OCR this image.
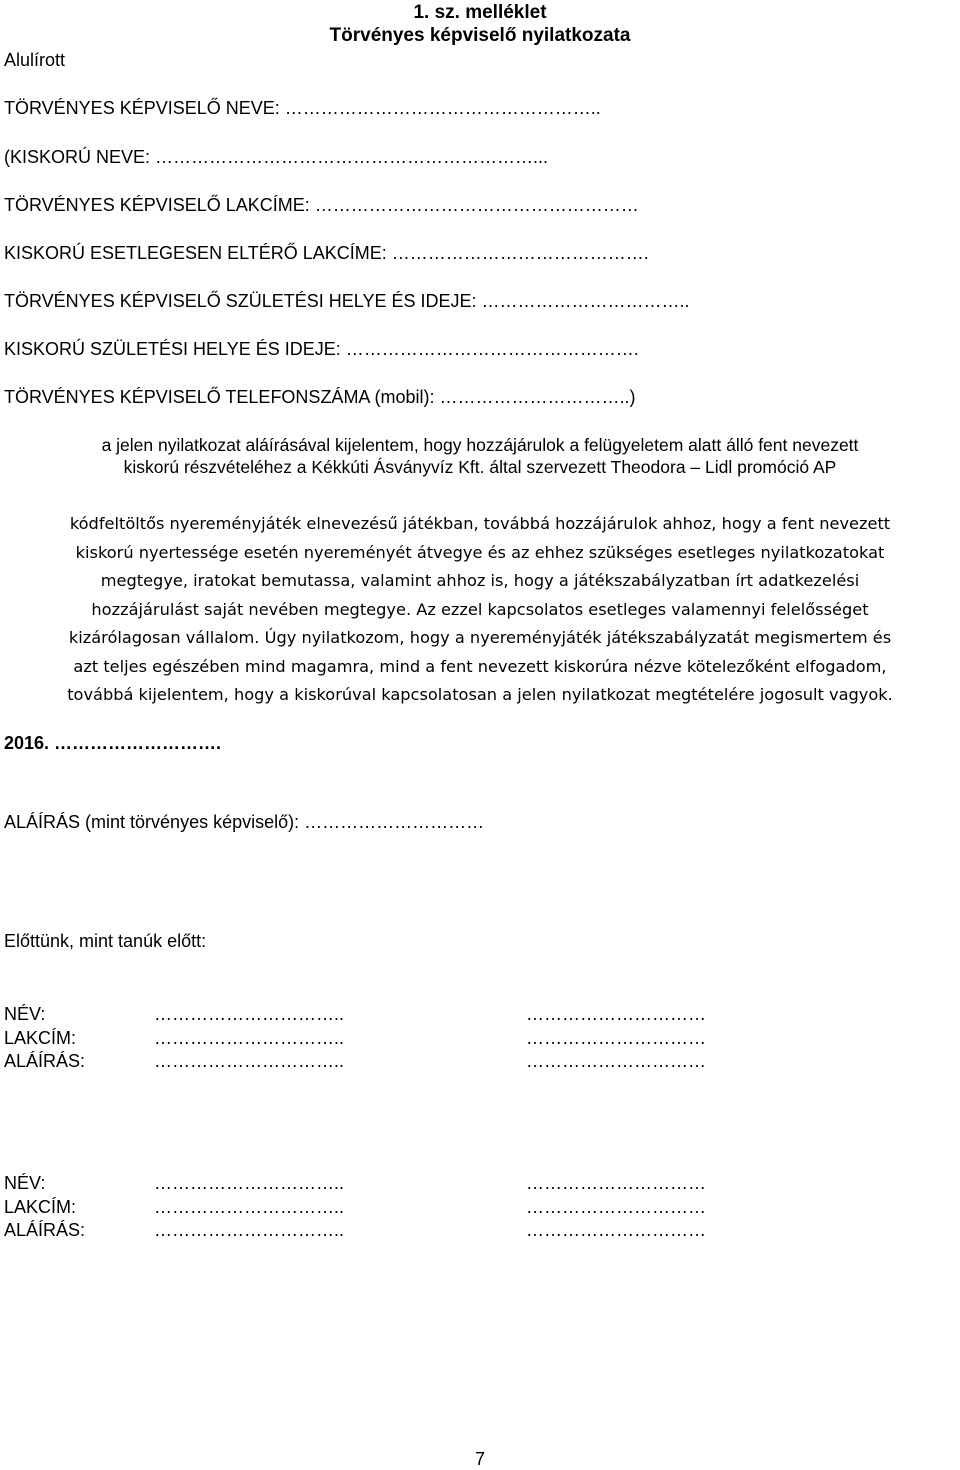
1. sz. melléklet
Törvényes képviselő nyilatkozata
Alulírott
TÖRVÉNYES KÉPVISELŐ NEVE: ……………………………………………..
(KISKORÚ NEVE: ………………………………………………………...
TÖRVÉNYES KÉPVISELŐ LAKCÍME: ………………………………………………
KISKORÚ ESETLEGESEN ELTÉRŐ LAKCÍME: …………………………………….
TÖRVÉNYES KÉPVISELŐ SZÜLETÉSI HELYE ÉS IDEJE: ……………………………..
KISKORÚ SZÜLETÉSI HELYE ÉS IDEJE: ………………………………………….
TÖRVÉNYES KÉPVISELŐ TELEFONSZÁMA (mobil): …………………………..)
a jelen nyilatkozat aláírásával kijelentem, hogy hozzájárulok a felügyeletem alatt álló fent nevezett
kiskorú részvételéhez a Kékkúti Ásványvíz Kft. által szervezett Theodora – Lidl promóció AP
kódfeltöltős nyereményjáték elnevezésű játékban, továbbá hozzájárulok ahhoz, hogy a fent nevezett
kiskorú nyertessége esetén nyereményét átvegye és az ehhez szükséges esetleges nyilatkozatokat
megtegye, iratokat bemutassa, valamint ahhoz is, hogy a játékszabályzatban írt adatkezelési
hozzájárulást saját nevében megtegye. Az ezzel kapcsolatos esetleges valamennyi felelősséget
kizárólagosan vállalom. Úgy nyilatkozom, hogy a nyereményjáték játékszabályzatát megismertem és
azt teljes egészében mind magamra, mind a fent nevezett kiskorúra nézve kötelezőként elfogadom,
továbbá kijelentem, hogy a kiskorúval kapcsolatosan a jelen nyilatkozat megtételére jogosult vagyok.
2016. ……………………….
ALÁÍRÁS (mint törvényes képviselő): …………………………
Előttünk, mint tanúk előtt:
NÉV:	…………………………..	…………………………
LAKCÍM:	…………………………..	…………………………
ALÁÍRÁS:	…………………………..	…………………………
NÉV:	…………………………..	…………………………
LAKCÍM:	…………………………..	…………………………
ALÁÍRÁS:	…………………………..	…………………………
7
